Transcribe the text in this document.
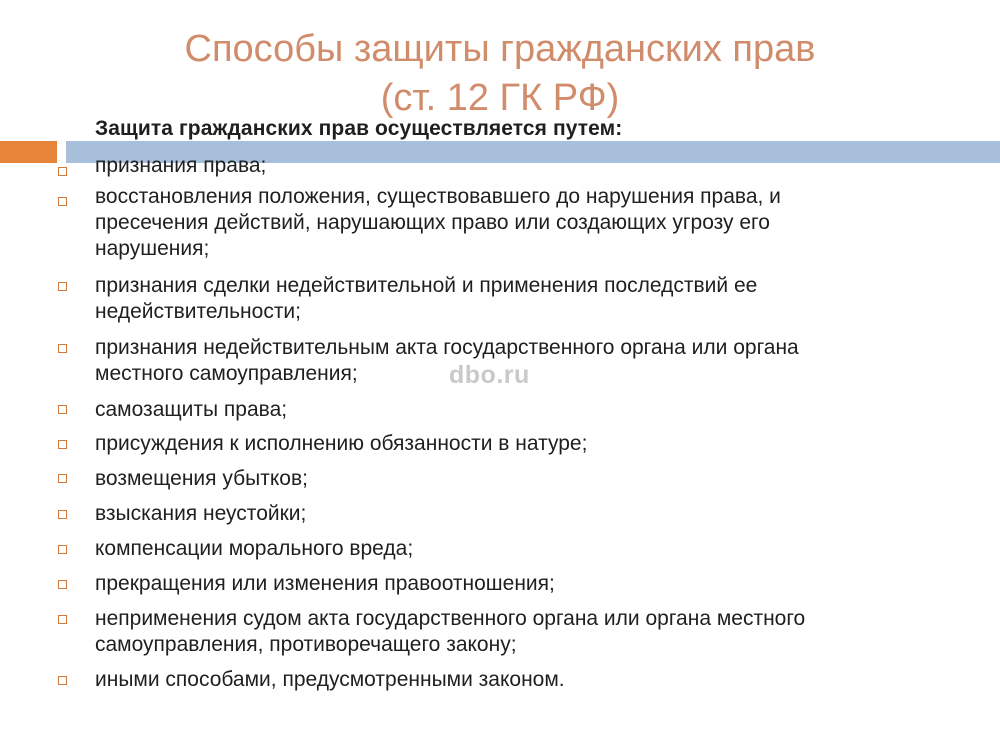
Способы защиты гражданских прав
(ст. 12 ГК РФ)
Защита гражданских прав осуществляется путем:
признания права;
восстановления положения, существовавшего до нарушения права, и
пресечения действий, нарушающих право или создающих угрозу его
нарушения;
признания сделки недействительной и применения последствий ее
недействительности;
признания недействительным акта государственного органа или органа
местного самоуправления;
самозащиты права;
присуждения к исполнению обязанности в натуре;
возмещения убытков;
взыскания неустойки;
компенсации морального вреда;
прекращения или изменения правоотношения;
неприменения судом акта государственного органа или органа местного
самоуправления, противоречащего закону;
иными способами, предусмотренными законом.
dbo.ru
